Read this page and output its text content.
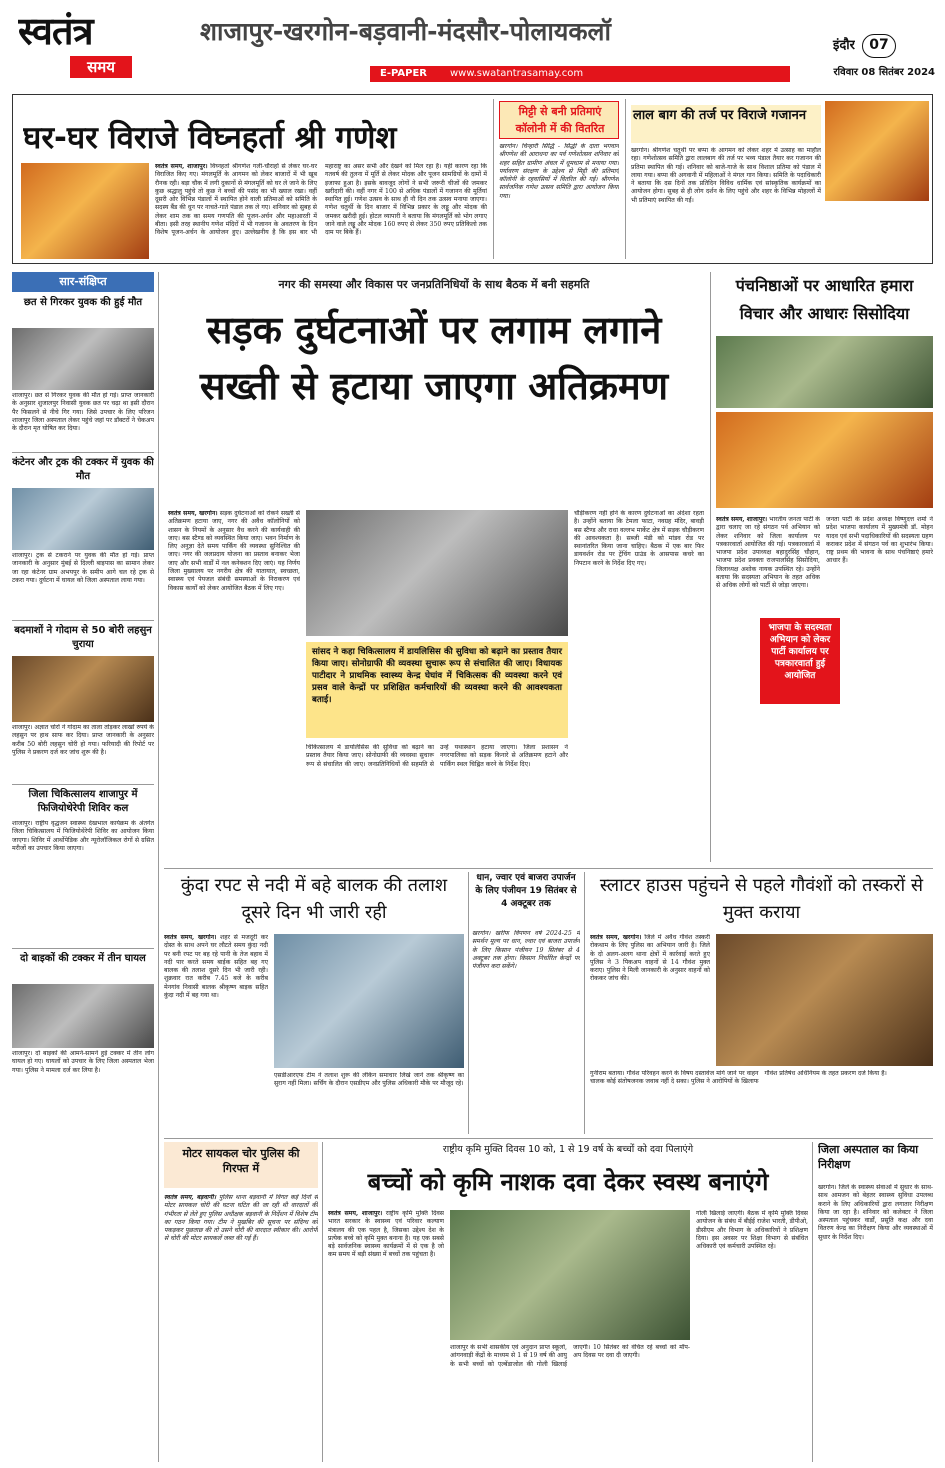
स्वतंत्र
समय
शाजापुर-खरगोन-बड़वानी-मंदसौर-पोलायकलॉ
E-PAPER	www.swatantrasamay.com
इंदौर	07
रविवार 08 सितंबर 2024
घर-घर विराजे विघ्नहर्ता श्री गणेश
स्वतंत्र समय, शाजापुर। विघ्नहर्ता श्रीगणेश गली-चौराहों से लेकर घर-घर विराजित किए गए। मंगलमूर्ति के आगमन को लेकर बाजारों में भी खूब रौनक रही। बड़ा चौक में लगी दुकानों से मंगलमूर्ति को घर ले जाने के लिए कुछ श्रद्धालु पहुंचे तो कुछ ने बच्चों की पसंद का भी ख्याल रखा। वहीं दूसरी ओर विभिन्न पंडालों में स्थापित होने वाली प्रतिमाओं को समिति के सदस्य बैंड की धुन पर नाचते-गाते पंडाल तक ले गए। शनिवार को सुबह से लेकर शाम तक का समय गणपति की पूजन-अर्चन और महाआरती में बीता। इसी तरह स्थानीय गणेश मंदिरों में भी गजानन के अवतरण के दिन विशेष पूजन-अर्चन के आयोजन हुए। उल्लेखनीय है कि इस बार भी महाराष्ट्र का असर सभी और देखने को मिल रहा है। यही कारण रहा कि गतवर्ष की तुलना में मूर्ति से लेकर मोदक और पूजन सामग्रियों के दामों में इजाफा हुआ है। इसके बावजूद लोगों ने सभी जरूरी चीजों की जमकर खरीदारी की। वहीं नगर में 100 से अधिक पंडालों में गजानन की मूर्तियां स्थापित हुई। गणेश उत्सव के साथ ही नौ दिन तक उत्सव मनाया जाएगा। गणेश चतुर्थी के दिन बाजार में विभिन्न प्रकार के लड्डू और मोदक की जमकर खरीदी हुई। होटल व्यापारी ने बताया कि मंगलमूर्ति को भोग लगाए जाने वाले लड्डू और मोदक 160 रुपए से लेकर 350 रुपए प्रतिकिलो तक दाम पर बिके हैं।
मिट्टी से बनी प्रतिमाएं
कॉलोनी में की वितरित
खरगोन। चिन्हारी सिद्धि - सिद्धी के दाता भगवान श्रीगणेश की आराधना का पर्व गणेशोत्सव शनिवार को शहर सहित ग्रामीण अंचल में धूमधाम से मनाया गया। पर्यावरण संरक्षण के उद्देश्य से मिट्टी की प्रतिमाएं कॉलोनी के रहवासियों में वितरित की गई। श्रीगणेश सार्वजनिक गणेश उत्सव समिति द्वारा आयोजन किया गया।
लाल बाग की तर्ज पर विराजे गजानन
खरगोन। श्रीगणेश चतुर्थी पर बप्पा के आगमन को लेकर शहर में उत्साह का माहौल रहा। गणेशोत्सव समिति द्वारा लालबाग की तर्ज पर भव्य पंडाल तैयार कर गजानन की प्रतिमा स्थापित की गई। शनिवार को बाजे-गाजे के साथ विशाल प्रतिमा को पंडाल में लाया गया। बप्पा की अगवानी में महिलाओं ने मंगल गान किया। समिति के पदाधिकारी ने बताया कि दस दिनों तक प्रतिदिन विविध धार्मिक एवं सांस्कृतिक कार्यक्रमों का आयोजन होगा। सुबह से ही लोग दर्शन के लिए पहुंचे और शहर के विभिन्न मोहल्लों में भी प्रतिमाएं स्थापित की गईं।
सार-संक्षिप्त
छत से गिरकर युवक की हुई मौत
शाजापुर। छत से गिरकर युवक की मौत हो गई। प्राप्त जानकारी के अनुसार शुजालपुर निवासी युवक छत पर चढ़ा था इसी दौरान पैर फिसलने से नीचे गिर गया। जिसे उपचार के लिए परिजन शाजापुर जिला अस्पताल लेकर पहुंचे जहां पर डॉक्टरों ने चेकअप के दौरान मृत घोषित कर दिया।
कंटेनर और ट्रक की टक्कर में युवक की मौत
शाजापुर। ट्रक से टकराने पर युवक की मौत हो गई। प्राप्त जानकारी के अनुसार मुंबई से दिल्ली बाइपास का सामान लेकर जा रहा कंटेनर ग्राम अभयपुर के समीप आगे चल रहे ट्रक से टकरा गया। दुर्घटना में घायल को जिला अस्पताल लाया गया।
बदमाशों ने गोदाम से 50 बोरी लहसुन चुराया
शाजापुर। अज्ञात चोरों ने गोदाम का ताला तोड़कर लाखों रुपये के लहसुन पर हाथ साफ कर दिया। प्राप्त जानकारी के अनुसार करीब 50 बोरी लहसुन चोरी हो गया। फरियादी की रिपोर्ट पर पुलिस ने प्रकरण दर्ज कर जांच शुरू की है।
जिला चिकित्सालय शाजापुर में फिजियोथेरेपी शिविर कल
शाजापुर। राष्ट्रीय वृद्धजन स्वास्थ्य देखभाल कार्यक्रम के अंतर्गत जिला चिकित्सालय में फिजियोथेरेपी शिविर का आयोजन किया जाएगा। शिविर में आर्थोपेडिक और न्यूरोलॉजिकल रोगों से ग्रसित मरीजों का उपचार किया जाएगा।
दो बाइकों की टक्कर में तीन घायल
शाजापुर। दो बाइकों की आमने-सामने हुई टक्कर में तीन लोग घायल हो गए। घायलों को उपचार के लिए जिला अस्पताल भेजा गया। पुलिस ने मामला दर्ज कर लिया है।
नगर की समस्या और विकास पर जनप्रतिनिधियों के साथ बैठक में बनी सहमति
सड़क दुर्घटनाओं पर लगाम लगाने सख्ती से हटाया जाएगा अतिक्रमण
स्वतंत्र समय, खरगोन। सड़क दुर्घटनाओं को रोकने सख्ती से अतिक्रमण हटाया जाए, नगर की अवैध कॉलोनियों को शासन के नियमों के अनुसार वैध करने की कार्यवाही की जाए। बस स्टैण्ड को व्यवस्थित किया जाए। भवन निर्माण के लिए अनुज्ञा देते समय पार्किंग की व्यवस्था सुनिश्चित की जाए। नगर की जलप्रदाय योजना का प्रस्ताव बनाकर भेजा जाए और सभी वार्डों में नल कनेक्शन दिए जाएं। यह निर्णय जिला मुख्यालय पर नगरीय क्षेत्र की यातायात, स्वच्छता, स्वास्थ्य एवं पेयजल संबंधी समस्याओं के निराकरण एवं विकास कार्यों को लेकर आयोजित बैठक में लिए गए।
चौड़ीकरण नहीं होने के कारण दुर्घटनाओं का अंदेशा रहता है। उन्होंने बताया कि टेमला फाटा, नवग्रह मंदिर, बावड़ी बस स्टैण्ड और राधा वल्लभ मार्केट क्षेत्र में सड़क चौड़ीकरण की आवश्यकता है। सब्जी मंडी को मांडव रोड पर स्थानांतरित किया जाना चाहिए। बैठक में एक बार फिर डायवर्शन रोड पर ट्रेंचिंग ग्राउंड के आसपास कचरे का निपटान करने के निर्देश दिए गए।
सांसद ने कहा चिकित्सालय में डायलिसिस की सुविधा को बढ़ाने का प्रस्ताव तैयार किया जाए। सोनोग्राफी की व्यवस्था सुचारू रूप से संचालित की जाए। विधायक पाटीदार ने प्राथमिक स्वास्थ्य केन्द्र घेघांव में चिकित्सक की व्यवस्था करने एवं प्रसव वाले केन्द्रों पर प्रशिक्षित कर्मचारियों की व्यवस्था करने की आवश्यकता बताई।
चिकित्सालय में डायलिसिस की सुविधा को बढ़ाने का प्रस्ताव तैयार किया जाए। सोनोग्राफी की व्यवस्था सुचारू रूप से संचालित की जाए। जनप्रतिनिधियों की सहमति से उन्हें यथास्थान हटाया जाएगा। जिला प्रशासन ने नगरपालिका को सड़क किनारे से अतिक्रमण हटाने और पार्किंग स्थल चिह्नित करने के निर्देश दिए।
पंचनिष्ठाओं पर आधारित हमारा विचार और आधारः सिसोदिया
स्वतंत्र समय, शाजापुर। भारतीय जनता पार्टी के द्वारा चलाए जा रहे संगठन पर्व अभियान को लेकर शनिवार को जिला कार्यालय पर पत्रकारवार्ता आयोजित की गई। पत्रकारवार्ता में भाजपा प्रदेश उपाध्यक्ष बहादुरसिंह चौहान, भाजपा प्रदेश प्रवक्ता राजपालसिंह सिसोदिया, जिलाध्यक्ष अशोक नायक उपस्थित रहे। उन्होंने बताया कि सदस्यता अभियान के तहत अधिक से अधिक लोगों को पार्टी से जोड़ा जाएगा।
जनता पार्टी के प्रदेश अध्यक्ष विष्णुदत्त शर्मा ने प्रदेश भाजपा कार्यालय में मुख्यमंत्री डॉ. मोहन यादव एवं सभी पदाधिकारियों की सदस्यता ग्रहण कराकर प्रदेश में संगठन पर्व का शुभारंभ किया। राष्ट्र प्रथम की भावना के साथ पंचनिष्ठाएं हमारे आधार हैं।
भाजपा के सदस्यता अभियान को लेकर पार्टी कार्यालय पर पत्रकारवार्ता हुई आयोजित
कुंदा रपट से नदी में बहे बालक की तलाश दूसरे दिन भी जारी रही
स्वतंत्र समय, खरगोन। शहर से मजदूरी कर दोस्त के साथ अपने घर लौटते समय कुंदा नदी पर बनी रपट पर बह रहे पानी के तेज बहाव में नदी पार करते समय बाईक सहित बह गए बालक की तलाश दूसरे दिन भी जारी रही। शुक्रवार रात करीब 7.45 बजे के करीब मेनगांव निवासी बालक श्रीकृष्ण बाइक सहित कुंदा नदी में बह गया था।
एसडीआरएफ टीम ने तलाश शुरू की लेकिन समाचार लिखे जाने तक श्रीकृष्ण का सुराग नहीं मिला। सर्चिंग के दौरान एसडीएम और पुलिस अधिकारी मौके पर मौजूद रहे।
धान, ज्वार एवं बाजरा उपार्जन के लिए पंजीयन 19 सितंबर से 4 अक्टूबर तक
खरगोन। खरीफ विपणन वर्ष 2024-25 में समर्थन मूल्य पर धान, ज्वार एवं बाजरा उपार्जन के लिए किसान पंजीयन 19 सितंबर से 4 अक्टूबर तक होगा। किसान निर्धारित केन्द्रों पर पंजीयन करा सकेंगे।
स्लाटर हाउस पहुंचने से पहले गौवंशों को तस्करों से मुक्त कराया
स्वतंत्र समय, खरगोन। जिले में अवैध गौवंश तस्करी रोकथाम के लिए पुलिस का अभियान जारी है। जिले के दो अलग-अलग थाना क्षेत्रों में कार्रवाई करते हुए पुलिस ने 3 पिकअप वाहनों से 14 गौवंश मुक्त कराए। पुलिस ने मिली जानकारी के अनुसार वाहनों को रोककर जांच की।
गुनीराम बताया। गौवंश परिवहन करने के विषय दस्तावेज मांगे जाने पर वाहन चालक कोई संतोषजनक जवाब नहीं दे सका। पुलिस ने आरोपियों के खिलाफ गौवंश प्रतिषेध अधिनियम के तहत प्रकरण दर्ज किया है।
मोटर सायकल चोर पुलिस की गिरफ्त में
स्वतंत्र समय, बड़वानी। पुलिस थाना बड़वानी में विगत कई दिनों से मोटर सायकल चोरी की घटना घटित की जा रही थी वारदातों की गंभीरता से लेते हुए पुलिस अधीक्षक बड़वानी के निर्देशन में विशेष टीम का गठन किया गया। टीम ने मुखबिर की सूचना पर संदिग्ध को पकड़कर पूछताछ की तो उसने चोरी की वारदात स्वीकार की। आरोपी से चोरी की मोटर सायकलें जब्त की गई हैं।
राष्ट्रीय कृमि मुक्ति दिवस 10 को, 1 से 19 वर्ष के बच्चों को दवा पिलाएंगे
बच्चों को कृमि नाशक दवा देकर स्वस्थ बनाएंगे
स्वतंत्र समय, शाजापुर। राष्ट्रीय कृमि मुक्ति दिवस भारत सरकार के स्वास्थ्य एवं परिवार कल्याण मंत्रालय की एक पहल है, जिसका उद्देश्य देश के प्रत्येक बच्चे को कृमि मुक्त बनाना है। यह एक सबसे बड़े सार्वजनिक स्वास्थ्य कार्यक्रमों में से एक है जो कम समय में बड़ी संख्या में बच्चों तक पहुंचता है।
शाजापुर के सभी शासकीय एवं अनुदान प्राप्त स्कूलों, आंगनवाड़ी केंद्रों के माध्यम से 1 से 19 वर्ष की आयु के सभी बच्चों को एल्बेंडाजोल की गोली खिलाई जाएगी। 10 सितंबर को वंचित रहे बच्चों को मॉप-अप दिवस पर दवा दी जाएगी।
गोली खिलाई जाएगी। बैठक में कृमि मुक्ति दिवस आयोजन के संबंध में बीईई राजेश भारती, डीपीओ, डीसीएम और विभाग के अधिकारियों ने प्रशिक्षण दिया। इस अवसर पर शिक्षा विभाग से संबंधित अधिकारी एवं कर्मचारी उपस्थित रहे।
जिला अस्पताल का किया निरीक्षण
खरगोन। जिले के स्वास्थ्य सेवाओं में सुधार के साथ-साथ आमजन को बेहतर स्वास्थ्य सुविधा उपलब्ध कराने के लिए अधिकारियों द्वारा लगातार निरीक्षण किया जा रहा है। शनिवार को कलेक्टर ने जिला अस्पताल पहुंचकर वार्डों, प्रसूति कक्ष और दवा वितरण केन्द्र का निरीक्षण किया और व्यवस्थाओं में सुधार के निर्देश दिए।
